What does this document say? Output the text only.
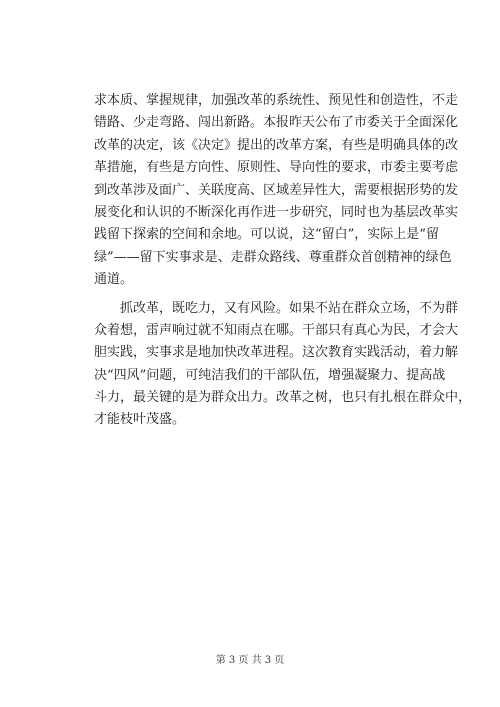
求本质、掌握规律，加强改革的系统性、预见性和创造性，不走
错路、少走弯路、闯出新路。本报昨天公布了市委关于全面深化
改革的决定，该《决定》提出的改革方案，有些是明确具体的改
革措施，有些是方向性、原则性、导向性的要求，市委主要考虑
到改革涉及面广、关联度高、区域差异性大，需要根据形势的发
展变化和认识的不断深化再作进一步研究，同时也为基层改革实
践留下探索的空间和余地。可以说，这“留白”，实际上是“留
绿”——留下实事求是、走群众路线、尊重群众首创精神的绿色
通道。
抓改革，既吃力，又有风险。如果不站在群众立场，不为群
众着想，雷声响过就不知雨点在哪。干部只有真心为民，才会大
胆实践，实事求是地加快改革进程。这次教育实践活动，着力解
决“四风”问题，可纯洁我们的干部队伍，增强凝聚力、提高战
斗力，最关键的是为群众出力。改革之树，也只有扎根在群众中，
才能枝叶茂盛。
第 3 页 共 3 页
